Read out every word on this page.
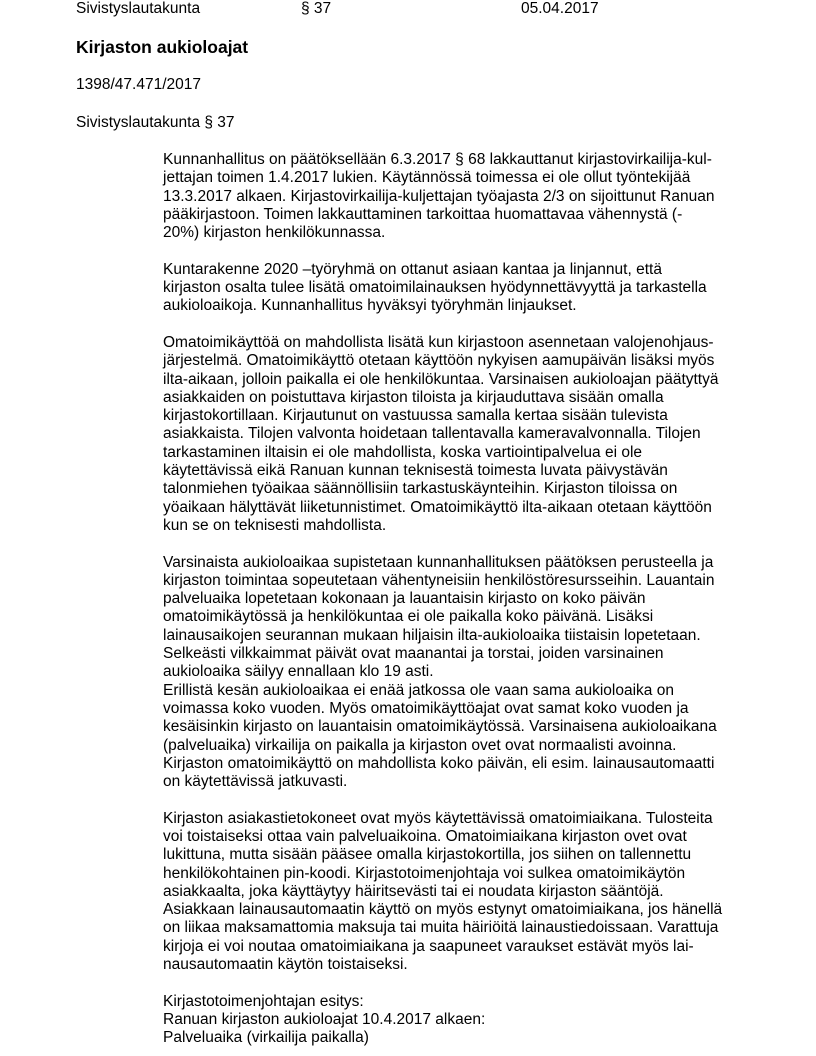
Sivistyslautakunta	§ 37	05.04.2017
Kirjaston aukioloajat
1398/47.471/2017
Sivistyslautakunta § 37
Kunnanhallitus on päätöksellään 6.3.2017 § 68 lakkauttanut kirjastovirkailija-kul-
jettajan toimen 1.4.2017 lukien. Käytännössä toimessa ei ole ollut työntekijää
13.3.2017 alkaen. Kirjastovirkailija-kuljettajan työajasta 2/3 on sijoittunut Ranuan
pääkirjastoon. Toimen lakkauttaminen tarkoittaa huomattavaa vähennystä (-
20%) kirjaston henkilökunnassa.
Kuntarakenne 2020 –työryhmä on ottanut asiaan kantaa ja linjannut, että
kirjaston osalta tulee lisätä omatoimilainauksen hyödynnettävyyttä ja tarkastella
aukioloaikoja. Kunnanhallitus hyväksyi työryhmän linjaukset.
Omatoimikäyttöä on mahdollista lisätä kun kirjastoon asennetaan valojenohjaus-
järjestelmä. Omatoimikäyttö otetaan käyttöön nykyisen aamupäivän lisäksi myös
ilta-aikaan, jolloin paikalla ei ole henkilökuntaa. Varsinaisen aukioloajan päätyttyä
asiakkaiden on poistuttava kirjaston tiloista ja kirjauduttava sisään omalla
kirjastokortillaan. Kirjautunut on vastuussa samalla kertaa sisään tulevista
asiakkaista. Tilojen valvonta hoidetaan tallentavalla kameravalvonnalla. Tilojen
tarkastaminen iltaisin ei ole mahdollista, koska vartiointipalvelua ei ole
käytettävissä eikä Ranuan kunnan teknisestä toimesta luvata päivystävän
talonmiehen työaikaa säännöllisiin tarkastuskäynteihin. Kirjaston tiloissa on
yöaikaan hälyttävät liiketunnistimet. Omatoimikäyttö ilta-aikaan otetaan käyttöön
kun se on teknisesti mahdollista.
Varsinaista aukioloaikaa supistetaan kunnanhallituksen päätöksen perusteella ja
kirjaston toimintaa sopeutetaan vähentyneisiin henkilöstöresursseihin. Lauantain
palveluaika lopetetaan kokonaan ja lauantaisin kirjasto on koko päivän
omatoimikäytössä ja henkilökuntaa ei ole paikalla koko päivänä. Lisäksi
lainausaikojen seurannan mukaan hiljaisin ilta-aukioloaika tiistaisin lopetetaan.
Selkeästi vilkkaimmat päivät ovat maanantai ja torstai, joiden varsinainen
aukioloaika säilyy ennallaan klo 19 asti.
Erillistä kesän aukioloaikaa ei enää jatkossa ole vaan sama aukioloaika on
voimassa koko vuoden. Myös omatoimikäyttöajat ovat samat koko vuoden ja
kesäisinkin kirjasto on lauantaisin omatoimikäytössä. Varsinaisena aukioloaikana
(palveluaika) virkailija on paikalla ja kirjaston ovet ovat normaalisti avoinna.
Kirjaston omatoimikäyttö on mahdollista koko päivän, eli esim. lainausautomaatti
on käytettävissä jatkuvasti.
Kirjaston asiakastietokoneet ovat myös käytettävissä omatoimiaikana. Tulosteita
voi toistaiseksi ottaa vain palveluaikoina. Omatoimiaikana kirjaston ovet ovat
lukittuna, mutta sisään pääsee omalla kirjastokortilla, jos siihen on tallennettu
henkilökohtainen pin-koodi. Kirjastotoimenjohtaja voi sulkea omatoimikäytön
asiakkaalta, joka käyttäytyy häiritsevästi tai ei noudata kirjaston sääntöjä.
Asiakkaan lainausautomaatin käyttö on myös estynyt omatoimiaikana, jos hänellä
on liikaa maksamattomia maksuja tai muita häiriöitä lainaustiedoissaan. Varattuja
kirjoja ei voi noutaa omatoimiaikana ja saapuneet varaukset estävät myös lai-
nausautomaatin käytön toistaiseksi.
Kirjastotoimenjohtajan esitys:
Ranuan kirjaston aukioloajat 10.4.2017 alkaen:
Palveluaika (virkailija paikalla)
